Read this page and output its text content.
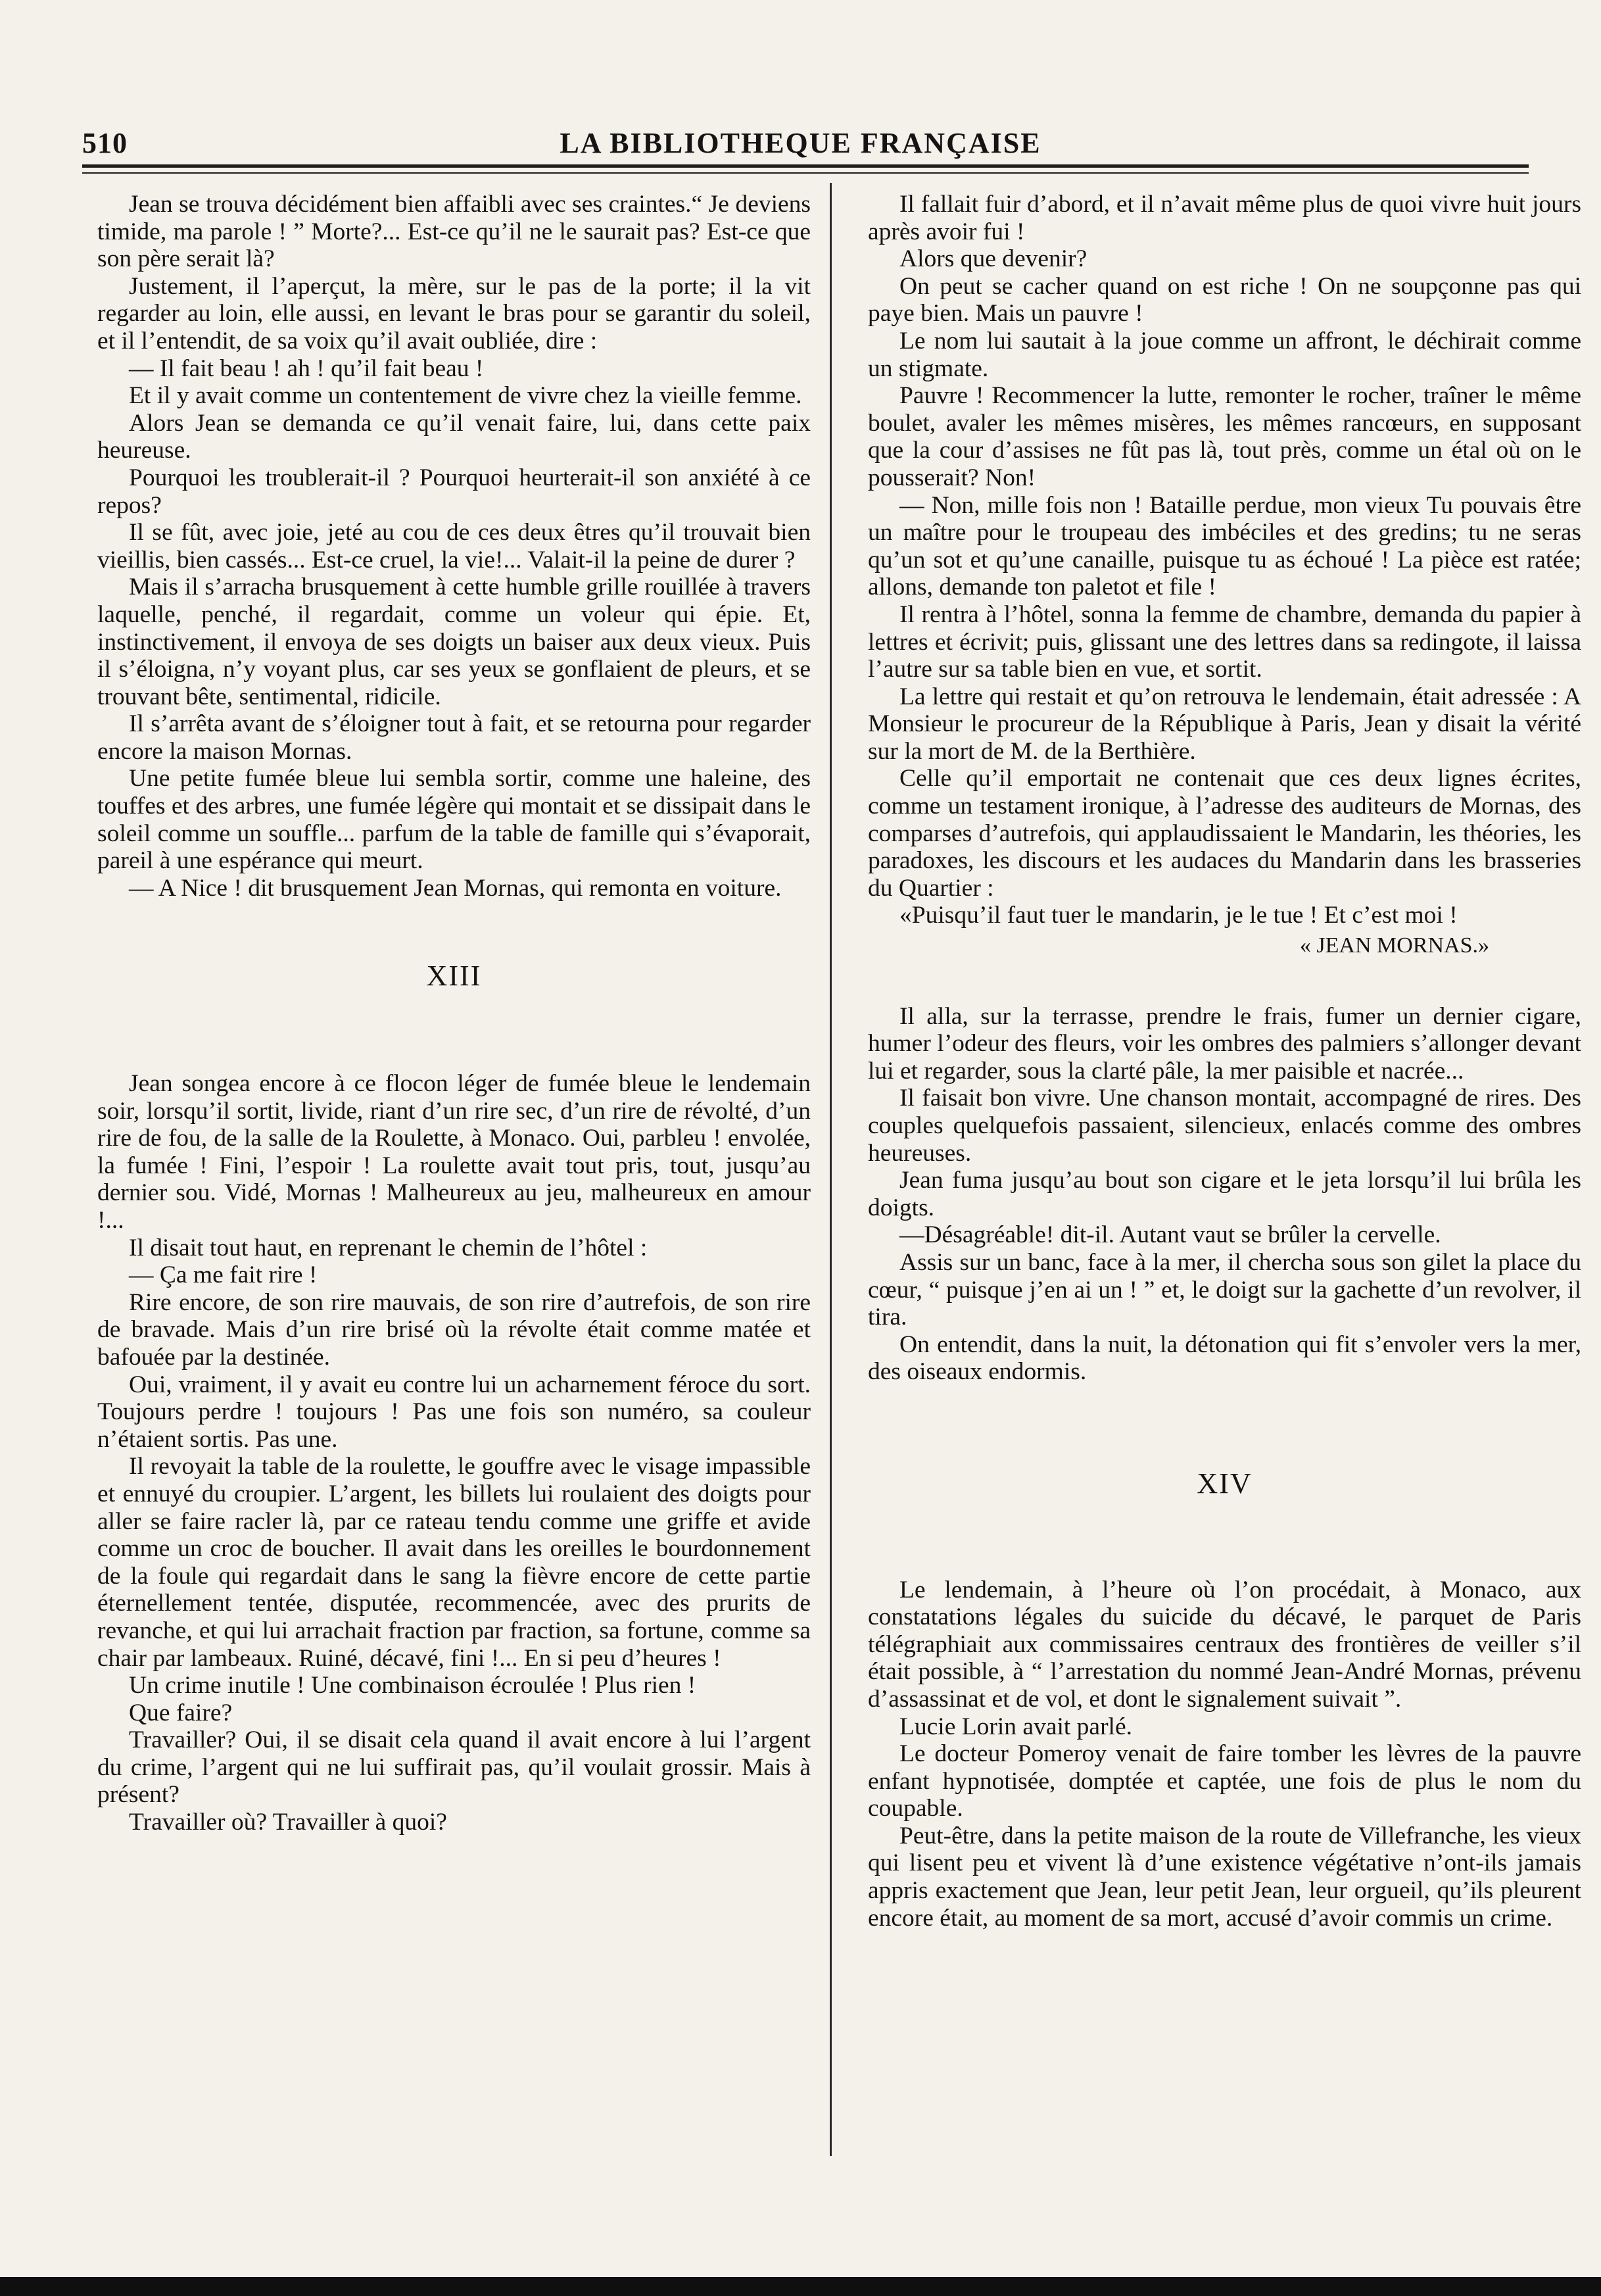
510	LA BIBLIOTHEQUE FRANÇAISE

Jean se trouva décidément bien affaibli avec ses craintes.“ Je deviens timide, ma parole ! ” Morte?... Est-ce qu’il ne le saurait pas? Est-ce que son père serait là?

Justement, il l’aperçut, la mère, sur le pas de la porte; il la vit regarder au loin, elle aussi, en levant le bras pour se garantir du soleil, et il l’entendit, de sa voix qu’il avait oubliée, dire :

— Il fait beau ! ah ! qu’il fait beau !

Et il y avait comme un contentement de vivre chez la vieille femme.

Alors Jean se demanda ce qu’il venait faire, lui, dans cette paix heureuse.

Pourquoi les troublerait-il ? Pourquoi heurterait-il son anxiété à ce repos?

Il se fût, avec joie, jeté au cou de ces deux êtres qu’il trouvait bien vieillis, bien cassés... Est-ce cruel, la vie!... Valait-il la peine de durer ?

Mais il s’arracha brusquement à cette humble grille rouillée à travers laquelle, penché, il regardait, comme un voleur qui épie. Et, instinctivement, il envoya de ses doigts un baiser aux deux vieux. Puis il s’éloigna, n’y voyant plus, car ses yeux se gonflaient de pleurs, et se trouvant bête, sentimental, ridicile.

Il s’arrêta avant de s’éloigner tout à fait, et se retourna pour regarder encore la maison Mornas.

Une petite fumée bleue lui sembla sortir, comme une haleine, des touffes et des arbres, une fumée légère qui montait et se dissipait dans le soleil comme un souffle... parfum de la table de famille qui s’évaporait, pareil à une espérance qui meurt.

— A Nice ! dit brusquement Jean Mornas, qui remonta en voiture.

XIII

Jean songea encore à ce flocon léger de fumée bleue le lendemain soir, lorsqu’il sortit, livide, riant d’un rire sec, d’un rire de révolté, d’un rire de fou, de la salle de la Roulette, à Monaco. Oui, parbleu ! envolée, la fumée ! Fini, l’espoir ! La roulette avait tout pris, tout, jusqu’au dernier sou. Vidé, Mornas ! Malheureux au jeu, malheureux en amour !...

Il disait tout haut, en reprenant le chemin de l’hôtel :

— Ça me fait rire !

Rire encore, de son rire mauvais, de son rire d’autrefois, de son rire de bravade. Mais d’un rire brisé où la révolte était comme matée et bafouée par la destinée.

Oui, vraiment, il y avait eu contre lui un acharnement féroce du sort. Toujours perdre ! toujours ! Pas une fois son numéro, sa couleur n’étaient sortis. Pas une.

Il revoyait la table de la roulette, le gouffre avec le visage impassible et ennuyé du croupier. L’argent, les billets lui roulaient des doigts pour aller se faire racler là, par ce rateau tendu comme une griffe et avide comme un croc de boucher. Il avait dans les oreilles le bourdonnement de la foule qui regardait dans le sang la fièvre encore de cette partie éternellement tentée, disputée, recommencée, avec des prurits de revanche, et qui lui arrachait fraction par fraction, sa fortune, comme sa chair par lambeaux. Ruiné, décavé, fini !... En si peu d’heures !

Un crime inutile ! Une combinaison écroulée ! Plus rien !

Que faire?

Travailler? Oui, il se disait cela quand il avait encore à lui l’argent du crime, l’argent qui ne lui suffirait pas, qu’il voulait grossir. Mais à présent?

Travailler où? Travailler à quoi?

Il fallait fuir d’abord, et il n’avait même plus de quoi vivre huit jours après avoir fui !

Alors que devenir?

On peut se cacher quand on est riche ! On ne soupçonne pas qui paye bien. Mais un pauvre !

Le nom lui sautait à la joue comme un affront, le déchirait comme un stigmate.

Pauvre ! Recommencer la lutte, remonter le rocher, traîner le même boulet, avaler les mêmes misères, les mêmes rancœurs, en supposant que la cour d’assises ne fût pas là, tout près, comme un étal où on le pousserait? Non!

— Non, mille fois non ! Bataille perdue, mon vieux Tu pouvais être un maître pour le troupeau des imbéciles et des gredins; tu ne seras qu’un sot et qu’une canaille, puisque tu as échoué ! La pièce est ratée; allons, demande ton paletot et file !

Il rentra à l’hôtel, sonna la femme de chambre, demanda du papier à lettres et écrivit; puis, glissant une des lettres dans sa redingote, il laissa l’autre sur sa table bien en vue, et sortit.

La lettre qui restait et qu’on retrouva le lendemain, était adressée : A Monsieur le procureur de la République à Paris, Jean y disait la vérité sur la mort de M. de la Berthière.

Celle qu’il emportait ne contenait que ces deux lignes écrites, comme un testament ironique, à l’adresse des auditeurs de Mornas, des comparses d’autrefois, qui applaudissaient le Mandarin, les théories, les paradoxes, les discours et les audaces du Mandarin dans les brasseries du Quartier :

«Puisqu’il faut tuer le mandarin, je le tue ! Et c’est moi !

« JEAN MORNAS.»

Il alla, sur la terrasse, prendre le frais, fumer un dernier cigare, humer l’odeur des fleurs, voir les ombres des palmiers s’allonger devant lui et regarder, sous la clarté pâle, la mer paisible et nacrée...

Il faisait bon vivre. Une chanson montait, accompagné de rires. Des couples quelquefois passaient, silencieux, enlacés comme des ombres heureuses.

Jean fuma jusqu’au bout son cigare et le jeta lorsqu’il lui brûla les doigts.

—Désagréable! dit-il. Autant vaut se brûler la cervelle.

Assis sur un banc, face à la mer, il chercha sous son gilet la place du cœur, “ puisque j’en ai un ! ” et, le doigt sur la gachette d’un revolver, il tira.

On entendit, dans la nuit, la détonation qui fit s’envoler vers la mer, des oiseaux endormis.

XIV

Le lendemain, à l’heure où l’on procédait, à Monaco, aux constatations légales du suicide du décavé, le parquet de Paris télégraphiait aux commissaires centraux des frontières de veiller s’il était possible, à “ l’arrestation du nommé Jean-André Mornas, prévenu d’assassinat et de vol, et dont le signalement suivait ”.

Lucie Lorin avait parlé.

Le docteur Pomeroy venait de faire tomber les lèvres de la pauvre enfant hypnotisée, domptée et captée, une fois de plus le nom du coupable.

Peut-être, dans la petite maison de la route de Villefranche, les vieux qui lisent peu et vivent là d’une existence végétative n’ont-ils jamais appris exactement que Jean, leur petit Jean, leur orgueil, qu’ils pleurent encore était, au moment de sa mort, accusé d’avoir commis un crime.
